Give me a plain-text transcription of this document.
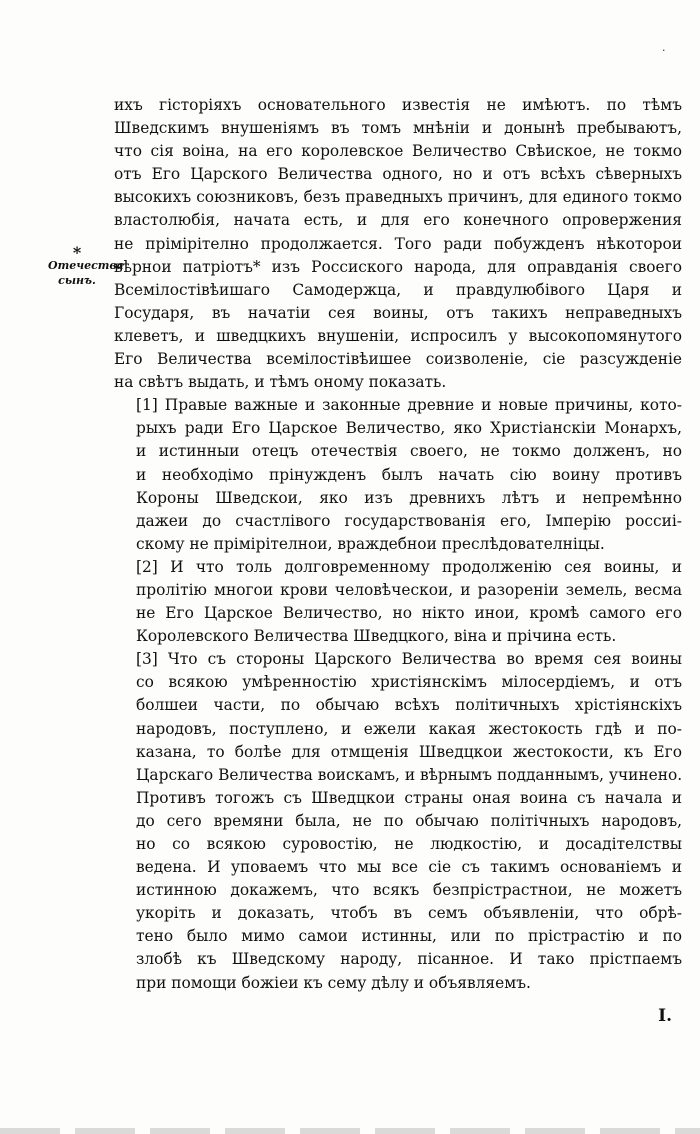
·
*
Отечества сынъ.

ихъ гісторіяхъ основательного известія не имѣютъ. по тѣмъ
Шведскимъ внушеніямъ въ томъ мнѣніи и донынѣ пребываютъ,
что сія воіна, на его королевское Величество Свѣиское, не токмо
отъ Его Царского Величества одного, но и отъ всѣхъ сѣверныхъ
высокихъ союзниковъ, безъ праведныхъ причинъ, для единого токмо
властолюбія, начата есть, и для его конечного опровержения
не прімірітелно продолжается. Того ради побужденъ нѣкоторои
вѣрнои патріотъ* изъ Россиского народа, для оправданія своего
Всемілостівѣишаго Самодержца, и правдулюбівого Царя и
Государя, въ начатіи сея воины, отъ такихъ неправедныхъ
клеветъ, и шведцкихъ внушеніи, испросилъ у высокопомянутого
Его Величества всемілостівѣишее соизволеніе, сіе разсужденіе
на свѣтъ выдать, и тѣмъ оному показать.

[1] Правые важные и законные древние и новые причины, кото-
рыхъ ради Его Царское Величество, яко Христіанскіи Монархъ,
и истинныи отецъ отечествія своего, не токмо долженъ, но
и необходімо прінужденъ былъ начать сію воину противъ
Короны Шведскои, яко изъ древнихъ лѣтъ и непремѣнно
дажеи до счастлівого государствованія его, Імперію россиі-
скому не прімірітелнои, враждебнои преслѣдователніцы.

[2] И что толь долговременному продолженію сея воины, и
пролітію многои крови человѣческои, и разореніи земель, весма
не Его Царское Величество, но нікто инои, кромѣ самого его
Королевского Величества Шведцкого, віна и прічина есть.

[3] Что съ стороны Царского Величества во время сея воины
со всякою умѣренностію христіянскімъ мілосердіемъ, и отъ
болшеи части, по обычаю всѣхъ політичныхъ хрістіянскіхъ
народовъ, поступлено, и ежели какая жестокость гдѣ и по-
казана, то болѣе для отмщенія Шведцкои жестокости, къ Его
Царскаго Величества воискамъ, и вѣрнымъ подданнымъ, учинено.
Противъ тогожъ съ Шведцкои страны оная воина съ начала и
до сего времяни была, не по обычаю політічныхъ народовъ,
но со всякою суровостію, не людкостію, и досадітелствы
ведена. И уповаемъ что мы все сіе съ такимъ основаніемъ и
истинною докажемъ, что всякъ безпрістрастнои, не можетъ
укоріть и доказать, чтобъ въ семъ объявленіи, что обрѣ-
тено было мимо самои истинны, или по прістрастію и по
злобѣ къ Шведскому народу, пісанное. И тако прістпаемъ
при помощи божіеи къ сему дѣлу и объявляемъ.

I.
